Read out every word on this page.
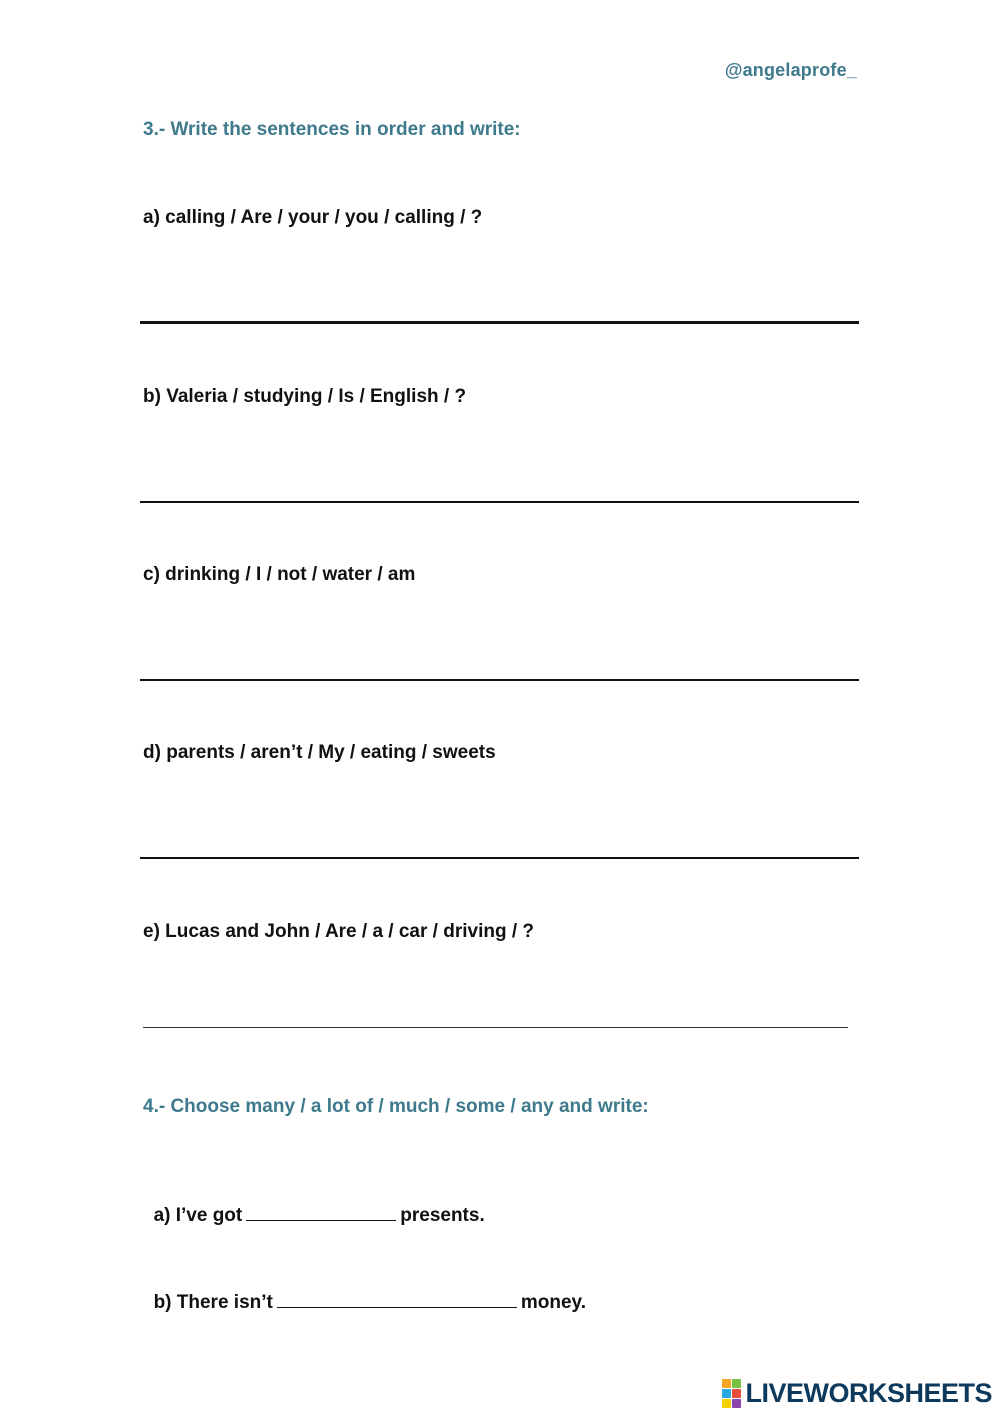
@angelaprofe_
3.- Write the sentences in order and write:
a) calling / Are / your / you / calling / ?
b) Valeria / studying / Is / English / ?
c) drinking / I / not / water / am
d) parents / aren’t / My / eating / sweets
e) Lucas and John / Are / a / car / driving / ?
4.- Choose many / a lot of / much / some / any and write:

a) I’ve got	presents.

b) There isn’t	money.

LIVEWORKSHEETS
